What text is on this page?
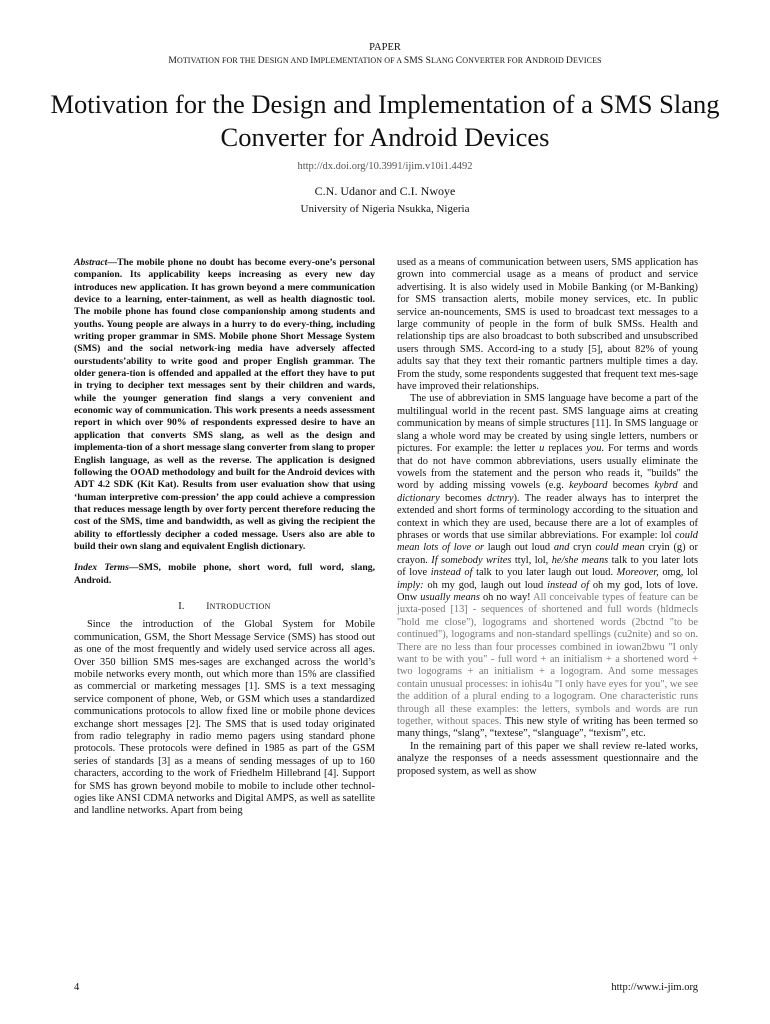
PAPER
MOTIVATION FOR THE DESIGN AND IMPLEMENTATION OF A SMS SLANG CONVERTER FOR ANDROID DEVICES
Motivation for the Design and Implementation of a SMS Slang Converter for Android Devices
http://dx.doi.org/10.3991/ijim.v10i1.4492
C.N. Udanor and C.I. Nwoye
University of Nigeria Nsukka, Nigeria

Abstract—The mobile phone no doubt has become every-one’s personal companion. Its applicability keeps increasing as every new day introduces new application. It has grown beyond a mere communication device to a learning, enter-tainment, as well as health diagnostic tool. The mobile phone has found close companionship among students and youths. Young people are always in a hurry to do every-thing, including writing proper grammar in SMS. Mobile phone Short Message System (SMS) and the social network-ing media have adversely affected ourstudents’ability to write good and proper English grammar. The older genera-tion is offended and appalled at the effort they have to put in trying to decipher text messages sent by their children and wards, while the younger generation find slangs a very convenient and economic way of communication. This work presents a needs assessment report in which over 90% of respondents expressed desire to have an application that converts SMS slang, as well as the design and implementa-tion of a short message slang converter from slang to proper English language, as well as the reverse. The application is designed following the OOAD methodology and built for the Android devices with ADT 4.2 SDK (Kit Kat). Results from user evaluation show that using ‘human interpretive com-pression’ the app could achieve a compression that reduces message length by over forty percent therefore reducing the cost of the SMS, time and bandwidth, as well as giving the recipient the ability to effortlessly decipher a coded message. Users also are able to build their own slang and equivalent English dictionary.

Index Terms—SMS, mobile phone, short word, full word, slang, Android.

I. INTRODUCTION

Since the introduction of the Global System for Mobile communication, GSM, the Short Message Service (SMS) has stood out as one of the most frequently and widely used service across all ages. Over 350 billion SMS mes-sages are exchanged across the world’s mobile networks every month, out which more than 15% are classified as commercial or marketing messages [1]. SMS is a text messaging service component of phone, Web, or GSM which uses a standardized communications protocols to allow fixed line or mobile phone devices exchange short messages [2]. The SMS that is used today originated from radio telegraphy in radio memo pagers using standard phone protocols. These protocols were defined in 1985 as part of the GSM series of standards [3] as a means of sending messages of up to 160 characters, according to the work of Friedhelm Hillebrand [4]. Support for SMS has grown beyond mobile to mobile to include other technol-ogies like ANSI CDMA networks and Digital AMPS, as well as satellite and landline networks. Apart from being

used as a means of communication between users, SMS application has grown into commercial usage as a means of product and service advertising. It is also widely used in Mobile Banking (or M-Banking) for SMS transaction alerts, mobile money services, etc. In public service an-nouncements, SMS is used to broadcast text messages to a large community of people in the form of bulk SMSs. Health and relationship tips are also broadcast to both subscribed and unsubscribed users through SMS. Accord-ing to a study [5], about 82% of young adults say that they text their romantic partners multiple times a day. From the study, some respondents suggested that frequent text mes-sage have improved their relationships.

The use of abbreviation in SMS language have become a part of the multilingual world in the recent past. SMS language aims at creating communication by means of simple structures [11]. In SMS language or slang a whole word may be created by using single letters, numbers or pictures. For example: the letter u replaces you. For terms and words that do not have common abbreviations, users usually eliminate the vowels from the statement and the person who reads it, "builds" the word by adding missing vowels (e.g. keyboard becomes kybrd and dictionary becomes dctnry). The reader always has to interpret the extended and short forms of terminology according to the situation and context in which they are used, because there are a lot of examples of phrases or words that use similar abbreviations. For example: lol could mean lots of love or laugh out loud and cryn could mean cryin (g) or crayon. If somebody writes ttyl, lol, he/she means talk to you later lots of love instead of talk to you later laugh out loud. Moreover, omg, lol imply: oh my god, laugh out loud instead of oh my god, lots of love. Onw usually means oh no way! All conceivable types of feature can be juxta-posed [13] - sequences of shortened and full words (hldmecls "hold me close"), logograms and shortened words (2bctnd "to be continued"), logograms and non-standard spellings (cu2nite) and so on. There are no less than four processes combined in iowan2bwu "I only want to be with you" - full word + an initialism + a shortened word + two logograms + an initialism + a logogram. And some messages contain unusual processes: in iohis4u "I only have eyes for you", we see the addition of a plural ending to a logogram. One characteristic runs through all these examples: the letters, symbols and words are run together, without spaces. This new style of writing has been termed so many things, “slang”, “textese”, “slanguage”, “texism”, etc.

In the remaining part of this paper we shall review re-lated works, analyze the responses of a needs assessment questionnaire and the proposed system, as well as show

4	http://www.i-jim.org
